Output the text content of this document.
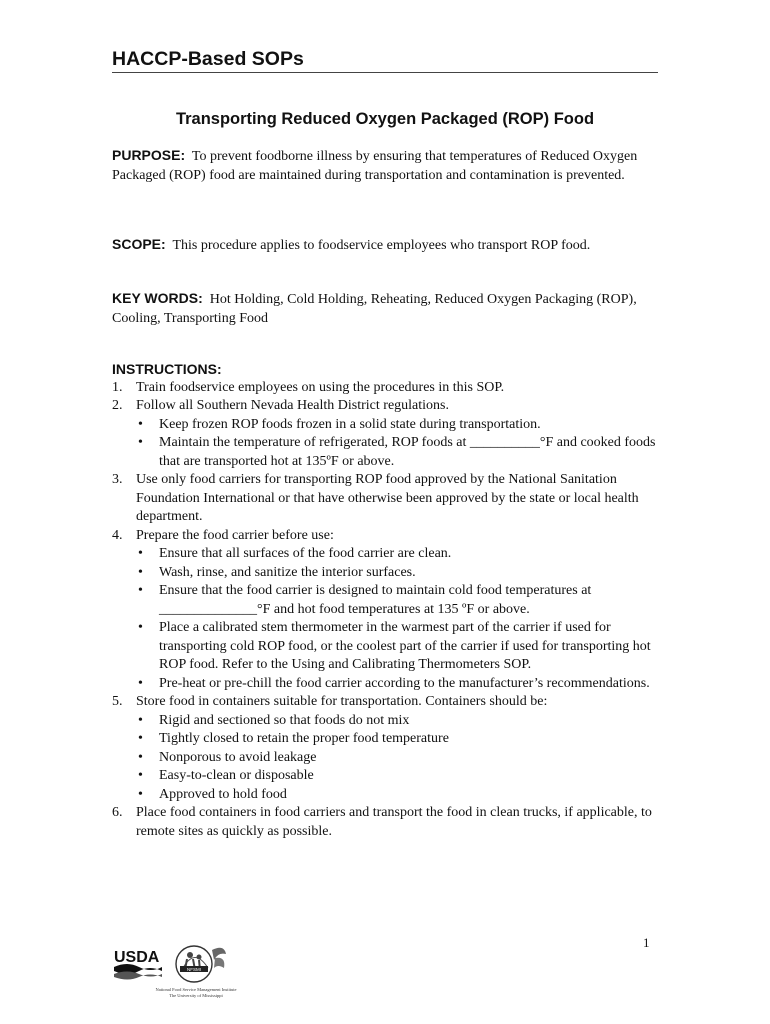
HACCP-Based SOPs
Transporting Reduced Oxygen Packaged (ROP) Food
PURPOSE: To prevent foodborne illness by ensuring that temperatures of Reduced Oxygen Packaged (ROP) food are maintained during transportation and contamination is prevented.
SCOPE: This procedure applies to foodservice employees who transport ROP food.
KEY WORDS: Hot Holding, Cold Holding, Reheating, Reduced Oxygen Packaging (ROP), Cooling, Transporting Food
INSTRUCTIONS:
1. Train foodservice employees on using the procedures in this SOP.
2. Follow all Southern Nevada Health District regulations.
• Keep frozen ROP foods frozen in a solid state during transportation.
• Maintain the temperature of refrigerated, ROP foods at __________°F and cooked foods that are transported hot at 135ºF or above.
3. Use only food carriers for transporting ROP food approved by the National Sanitation Foundation International or that have otherwise been approved by the state or local health department.
4. Prepare the food carrier before use:
• Ensure that all surfaces of the food carrier are clean.
• Wash, rinse, and sanitize the interior surfaces.
• Ensure that the food carrier is designed to maintain cold food temperatures at ______________°F and hot food temperatures at 135 ºF or above.
• Place a calibrated stem thermometer in the warmest part of the carrier if used for transporting cold ROP food, or the coolest part of the carrier if used for transporting hot ROP food. Refer to the Using and Calibrating Thermometers SOP.
• Pre-heat or pre-chill the food carrier according to the manufacturer’s recommendations.
5. Store food in containers suitable for transportation. Containers should be:
• Rigid and sectioned so that foods do not mix
• Tightly closed to retain the proper food temperature
• Nonporous to avoid leakage
• Easy-to-clean or disposable
• Approved to hold food
6. Place food containers in food carriers and transport the food in clean trucks, if applicable, to remote sites as quickly as possible.
1
USDA
NFSMI
National Food Service Management Institute
The University of Mississippi
